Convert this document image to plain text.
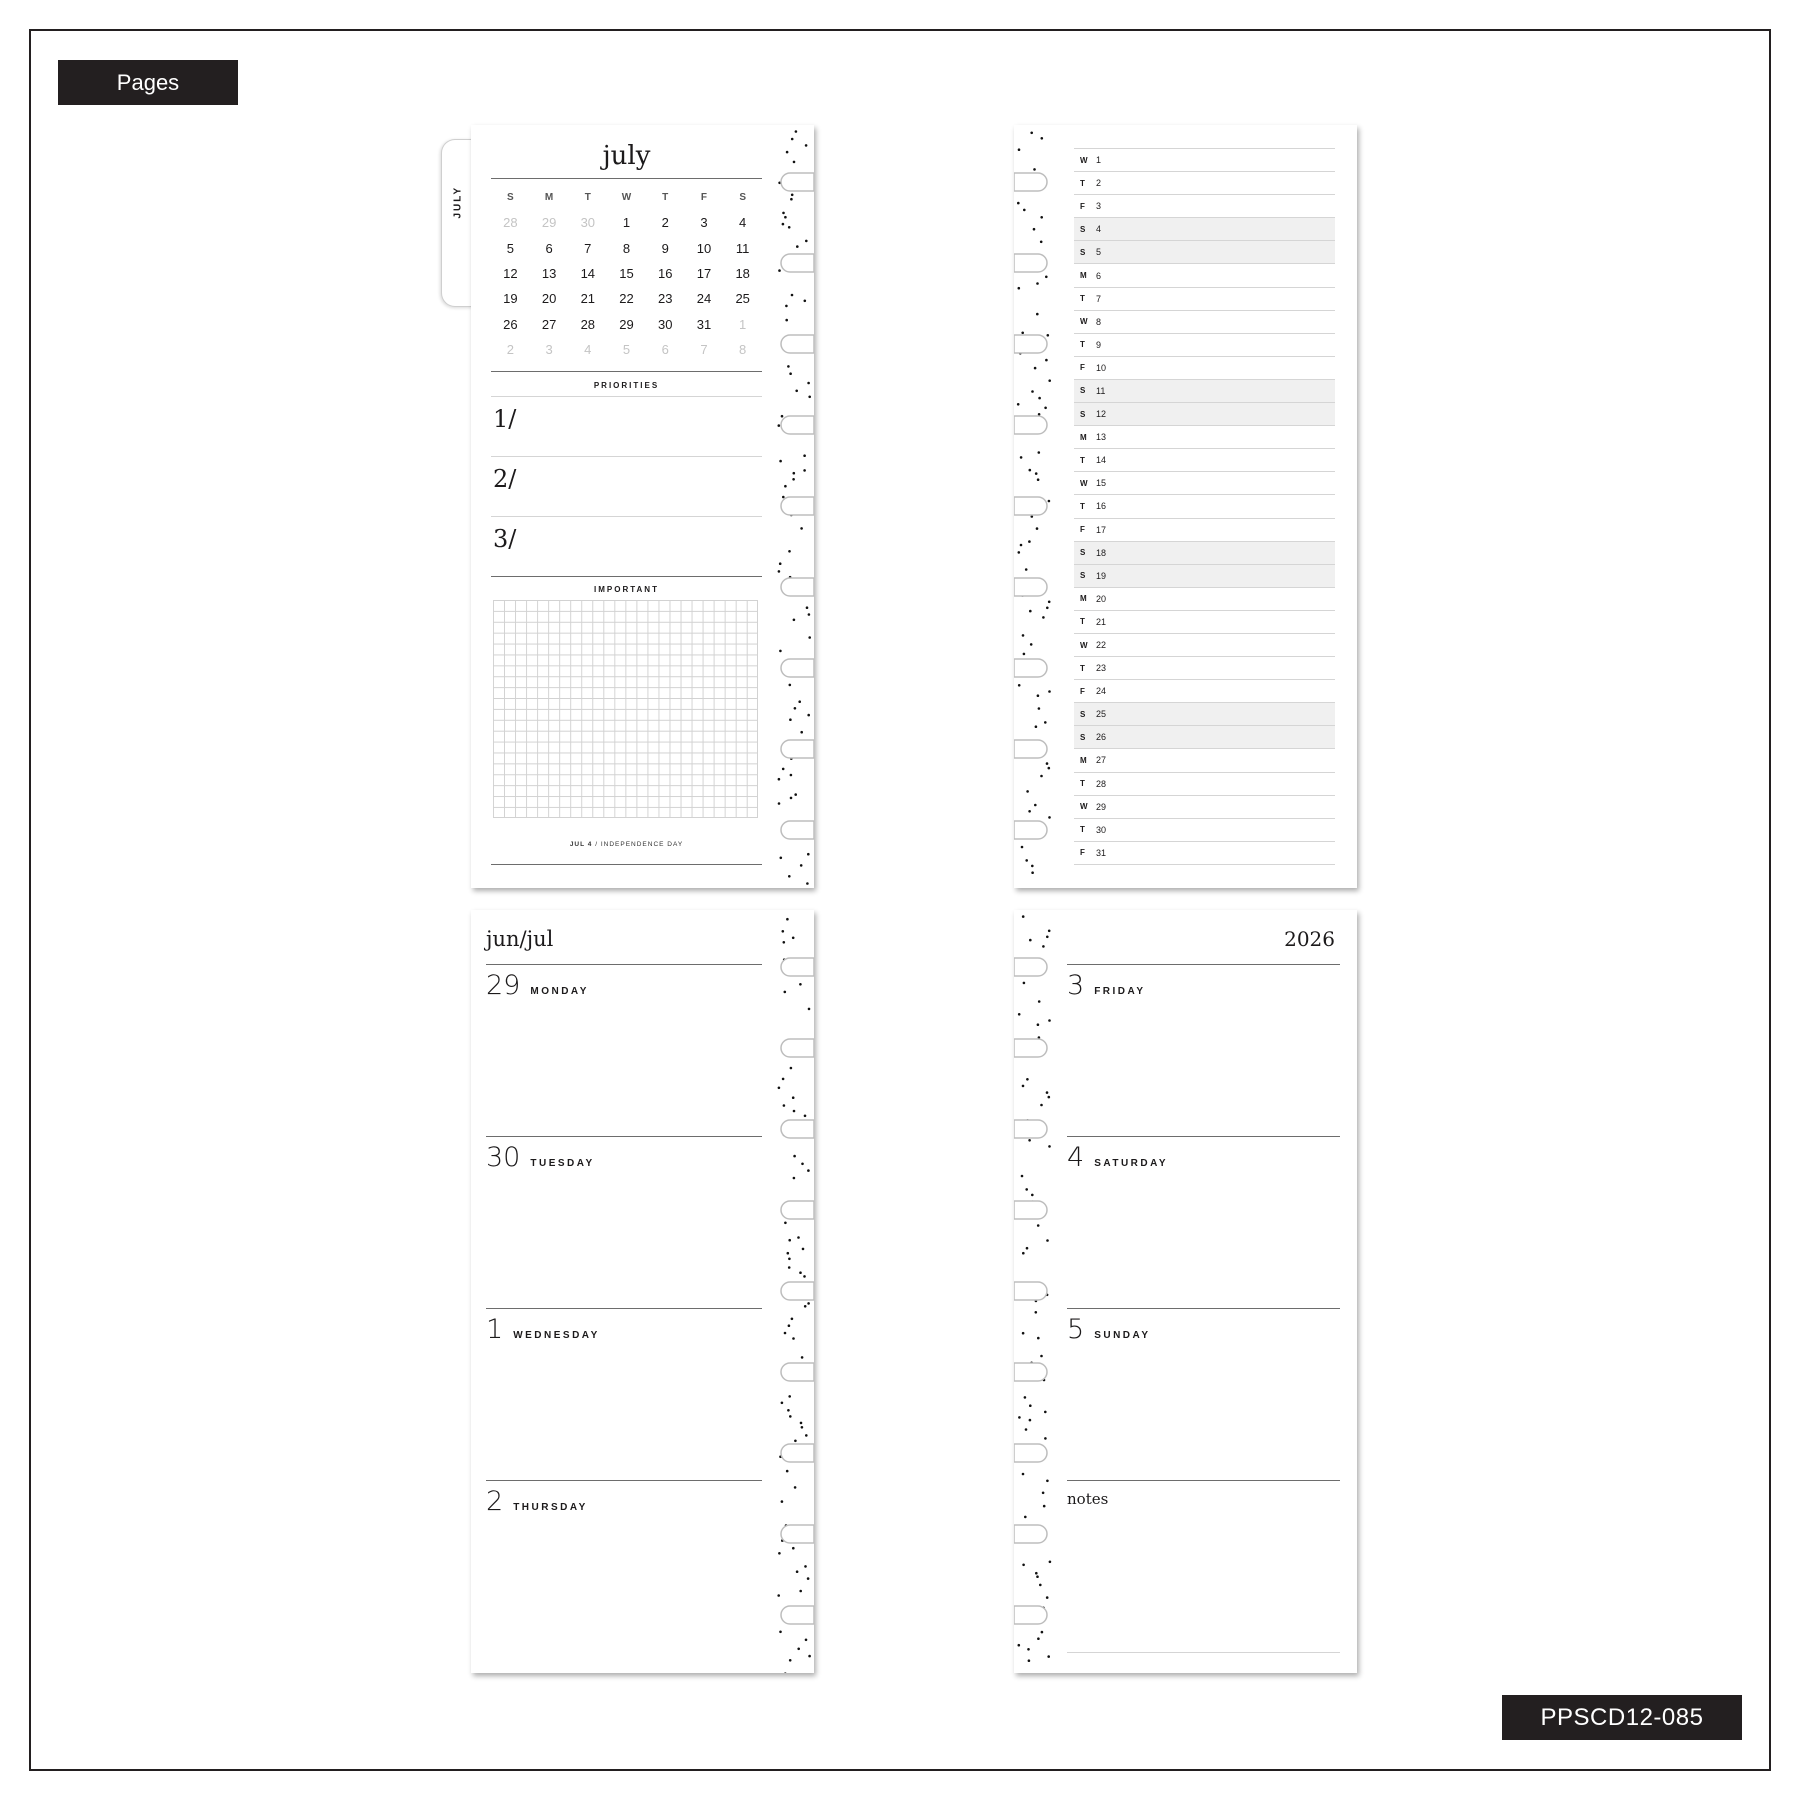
Pages
PPSCD12-085
JULY
july
S	M	T	W	T	F	S
28	29	30	1	2	3	4
5	6	7	8	9	10	11
12	13	14	15	16	17	18
19	20	21	22	23	24	25
26	27	28	29	30	31	1
2	3	4	5	6	7	8
PRIORITIES
1/
2/
3/
IMPORTANT
JUL 4 / INDEPENDENCE DAY
W 1
T	2
F	3
S	4
S	5
M	6
T	7
W 8
T	9
F	10
S	11
S	12
M	13
T	14
W 15
T	16
F	17
S	18
S	19
M	20
T	21
W 22
T	23
F	24
S	25
S	26
M	27
T	28
W 29
T	30
F	31
jun/jul
29 MONDAY
30 TUESDAY
1 WEDNESDAY
2 THURSDAY
2026
3 FRIDAY
4 SATURDAY
5 SUNDAY
notes
